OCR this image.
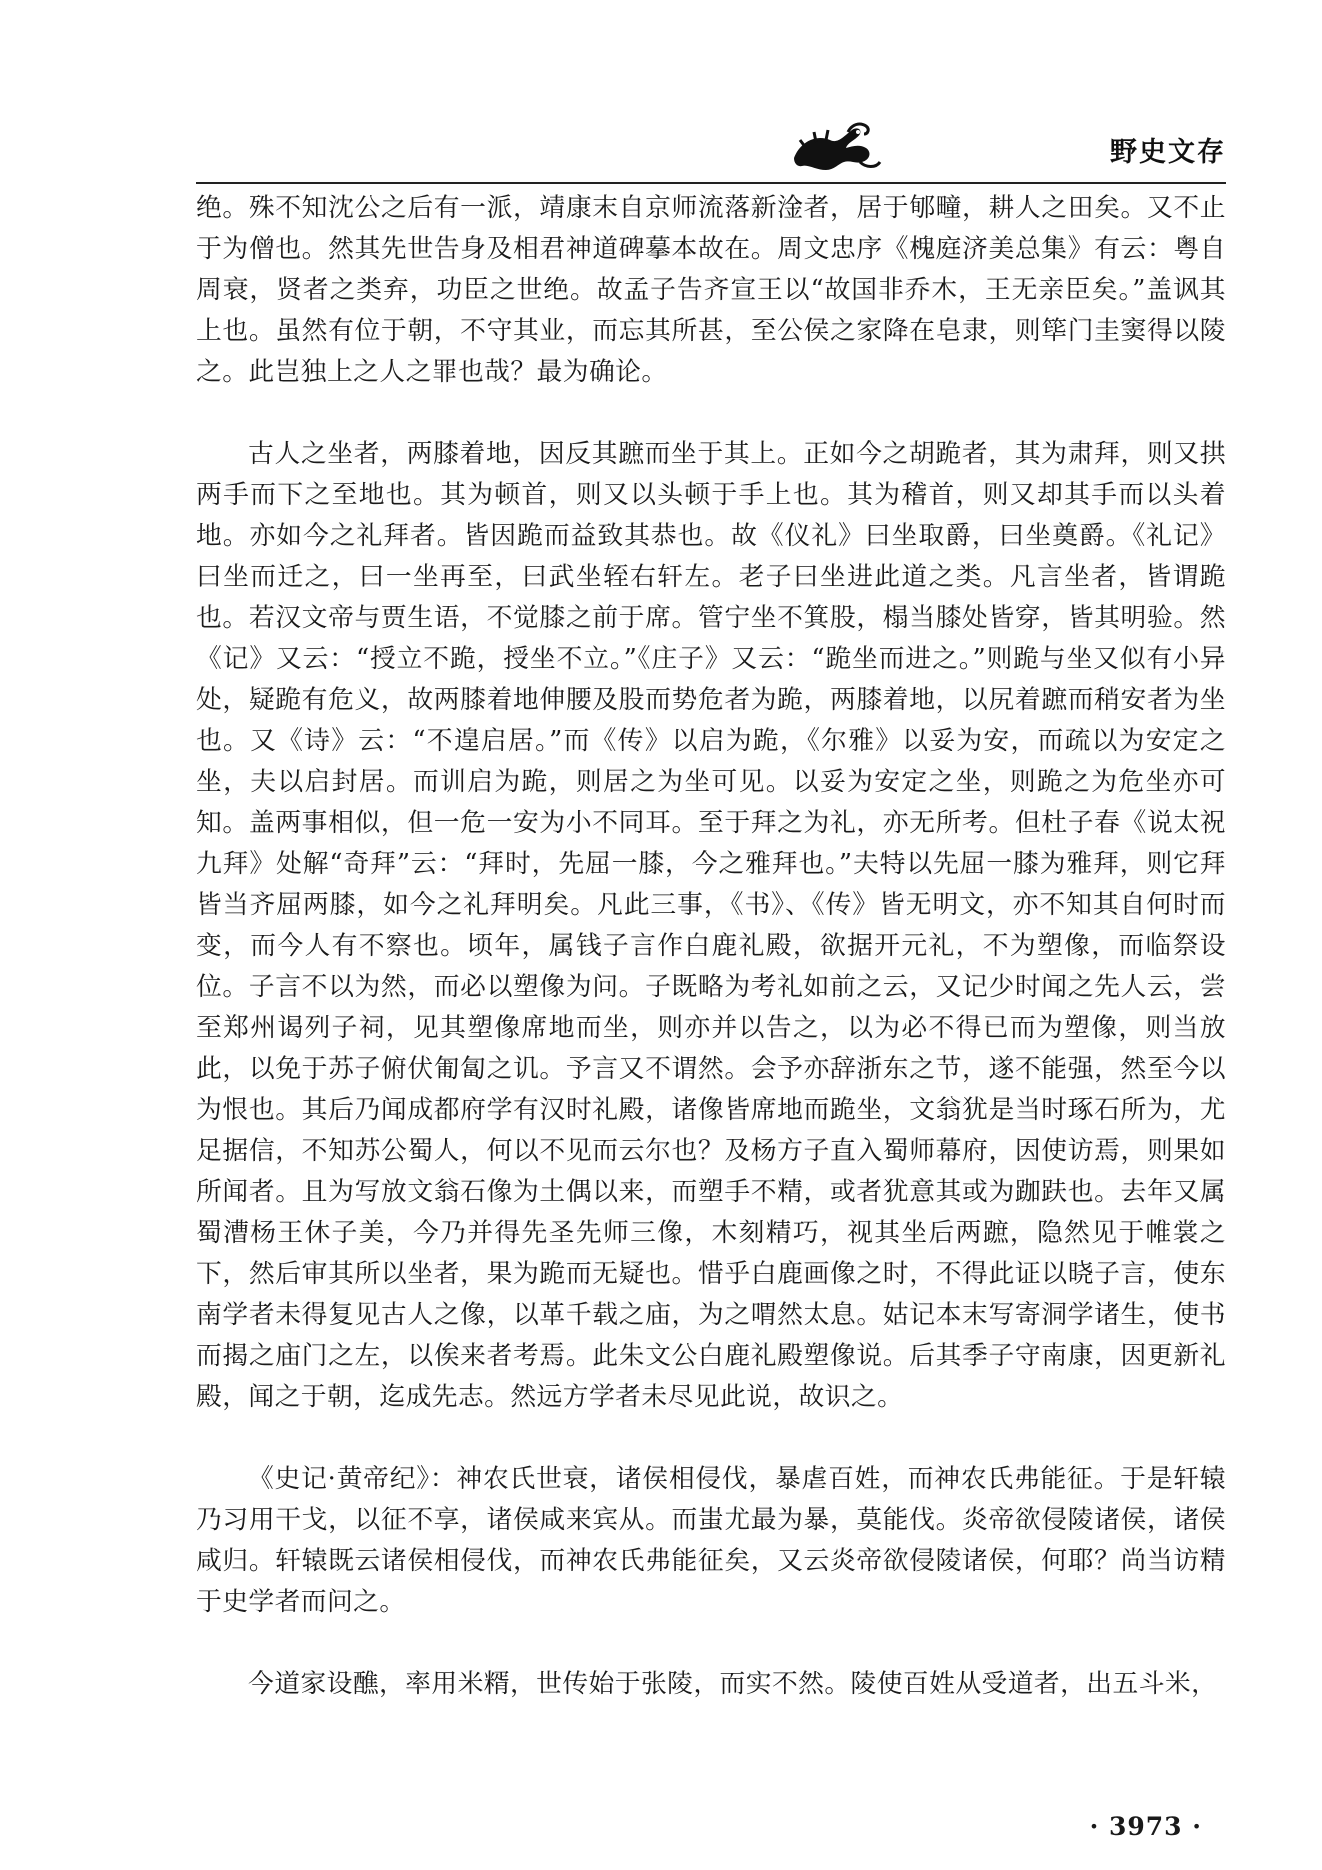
野史文存

绝。殊不知沈公之后有一派，靖康末自京师流落新淦者，居于郇疃，耕人之田矣。又不止于为僧也。然其先世告身及相君神道碑摹本故在。周文忠序《槐庭济美总集》有云：粤自周衰，贤者之类弃，功臣之世绝。故孟子告齐宣王以“故国非乔木，王无亲臣矣。”盖讽其上也。虽然有位于朝，不守其业，而忘其所甚，至公侯之家降在皂隶，则筚门圭窦得以陵之。此岂独上之人之罪也哉？最为确论。

古人之坐者，两膝着地，因反其蹠而坐于其上。正如今之胡跪者，其为肃拜，则又拱两手而下之至地也。其为顿首，则又以头顿于手上也。其为稽首，则又却其手而以头着地。亦如今之礼拜者。皆因跪而益致其恭也。故《仪礼》曰坐取爵，曰坐奠爵。《礼记》曰坐而迁之，曰一坐再至，曰武坐轾右轩左。老子曰坐进此道之类。凡言坐者，皆谓跪也。若汉文帝与贾生语，不觉膝之前于席。管宁坐不箕股，榻当膝处皆穿，皆其明验。然《记》又云：“授立不跪，授坐不立。”《庄子》又云：“跪坐而进之。”则跪与坐又似有小异处，疑跪有危义，故两膝着地伸腰及股而势危者为跪，两膝着地，以尻着蹠而稍安者为坐也。又《诗》云：“不遑启居。”而《传》以启为跪，《尔雅》以妥为安，而疏以为安定之坐，夫以启封居。而训启为跪，则居之为坐可见。以妥为安定之坐，则跪之为危坐亦可知。盖两事相似，但一危一安为小不同耳。至于拜之为礼，亦无所考。但杜子春《说太祝九拜》处解“奇拜”云：“拜时，先屈一膝，今之雅拜也。”夫特以先屈一膝为雅拜，则它拜皆当齐屈两膝，如今之礼拜明矣。凡此三事，《书》、《传》皆无明文，亦不知其自何时而变，而今人有不察也。顷年，属钱子言作白鹿礼殿，欲据开元礼，不为塑像，而临祭设位。子言不以为然，而必以塑像为问。子既略为考礼如前之云，又记少时闻之先人云，尝至郑州谒列子祠，见其塑像席地而坐，则亦并以告之，以为必不得已而为塑像，则当放此，以免于苏子俯伏匍匐之讥。予言又不谓然。会予亦辞浙东之节，遂不能强，然至今以为恨也。其后乃闻成都府学有汉时礼殿，诸像皆席地而跪坐，文翁犹是当时琢石所为，尤足据信，不知苏公蜀人，何以不见而云尔也？及杨方子直入蜀师幕府，因使访焉，则果如所闻者。且为写放文翁石像为土偶以来，而塑手不精，或者犹意其或为跏趺也。去年又属蜀漕杨王休子美，今乃并得先圣先师三像，木刻精巧，视其坐后两蹠，隐然见于帷裳之下，然后审其所以坐者，果为跪而无疑也。惜乎白鹿画像之时，不得此证以晓子言，使东南学者未得复见古人之像，以革千载之庙，为之喟然太息。姑记本末写寄洞学诸生，使书而揭之庙门之左，以俟来者考焉。此朱文公白鹿礼殿塑像说。后其季子守南康，因更新礼殿，闻之于朝，迄成先志。然远方学者未尽见此说，故识之。

《史记·黄帝纪》：神农氏世衰，诸侯相侵伐，暴虐百姓，而神农氏弗能征。于是轩辕乃习用干戈，以征不享，诸侯咸来宾从。而蚩尤最为暴，莫能伐。炎帝欲侵陵诸侯，诸侯咸归。轩辕既云诸侯相侵伐，而神农氏弗能征矣，又云炎帝欲侵陵诸侯，何耶？尚当访精于史学者而问之。

今道家设醮，率用米糈，世传始于张陵，而实不然。陵使百姓从受道者，出五斗米，

· 3973 ·
